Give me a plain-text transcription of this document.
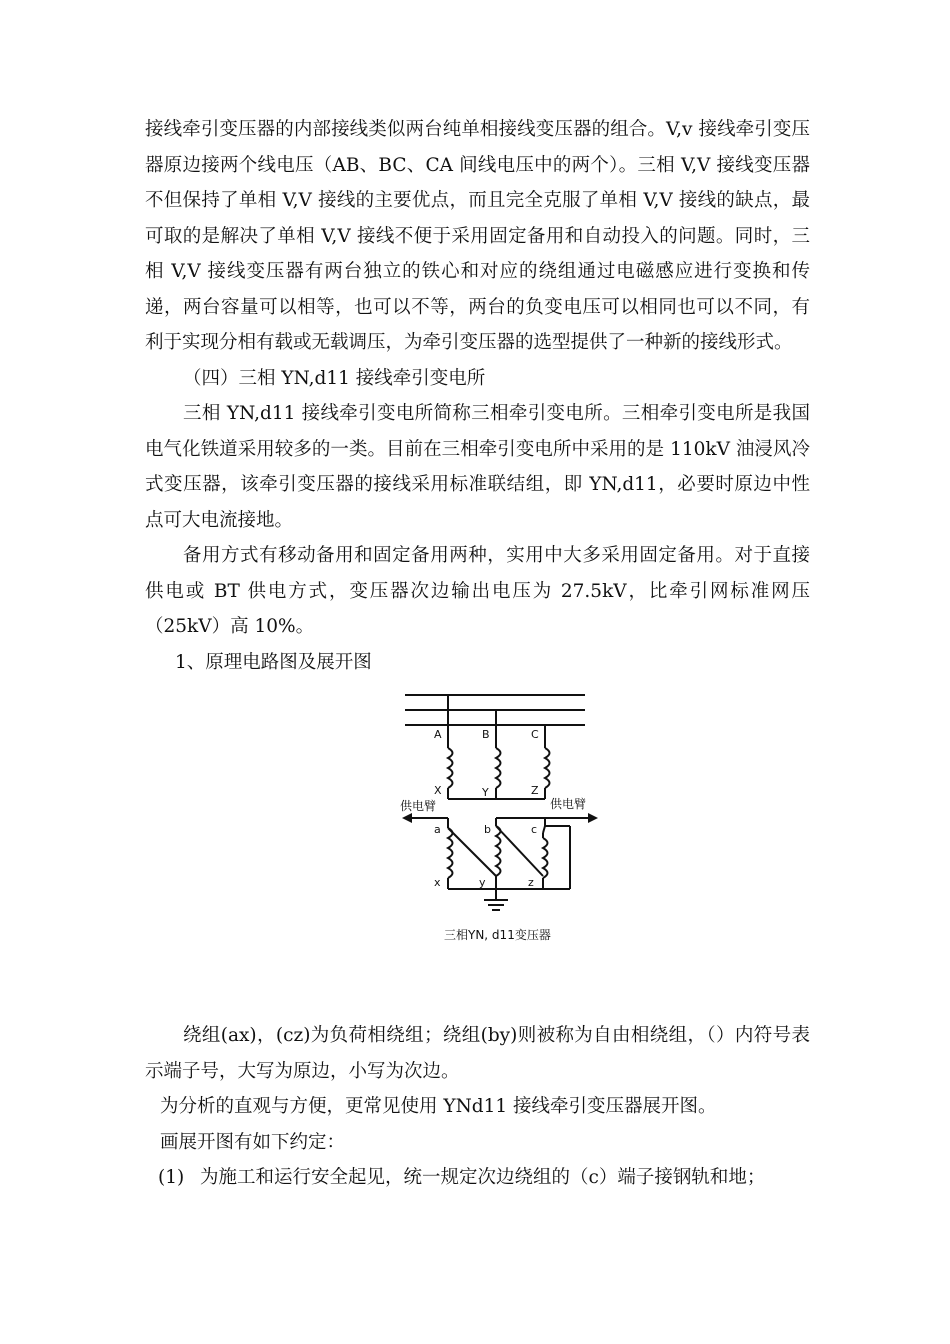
接线牵引变压器的内部接线类似两台纯单相接线变压器的组合。V,v 接线牵引变压器原边接两个线电压（AB、BC、CA 间线电压中的两个）。三相 V,V 接线变压器不但保持了单相 V,V 接线的主要优点，而且完全克服了单相 V,V 接线的缺点，最可取的是解决了单相 V,V 接线不便于采用固定备用和自动投入的问题。同时，三相 V,V 接线变压器有两台独立的铁心和对应的绕组通过电磁感应进行变换和传递，两台容量可以相等，也可以不等，两台的负变电压可以相同也可以不同，有利于实现分相有载或无载调压，为牵引变压器的选型提供了一种新的接线形式。

（四）三相 YN,d11 接线牵引变电所

三相 YN,d11 接线牵引变电所简称三相牵引变电所。三相牵引变电所是我国电气化铁道采用较多的一类。目前在三相牵引变电所中采用的是 110kV 油浸风冷式变压器，该牵引变压器的接线采用标准联结组，即 YN,d11，必要时原边中性点可大电流接地。

备用方式有移动备用和固定备用两种，实用中大多采用固定备用。对于直接供电或 BT 供电方式，变压器次边输出电压为 27.5kV，比牵引网标准网压（25kV）高 10%。

1、原理电路图及展开图

A	B	C
X	Y	Z
a	b	c
x	y	z
供电臂	供电臂
三相YN, d11变压器

绕组(ax)，(cz)为负荷相绕组；绕组(by)则被称为自由相绕组，（）内符号表示端子号，大写为原边，小写为次边。

为分析的直观与方便，更常见使用 YNd11 接线牵引变压器展开图。

画展开图有如下约定：

(1) 为施工和运行安全起见，统一规定次边绕组的（c）端子接钢轨和地；
